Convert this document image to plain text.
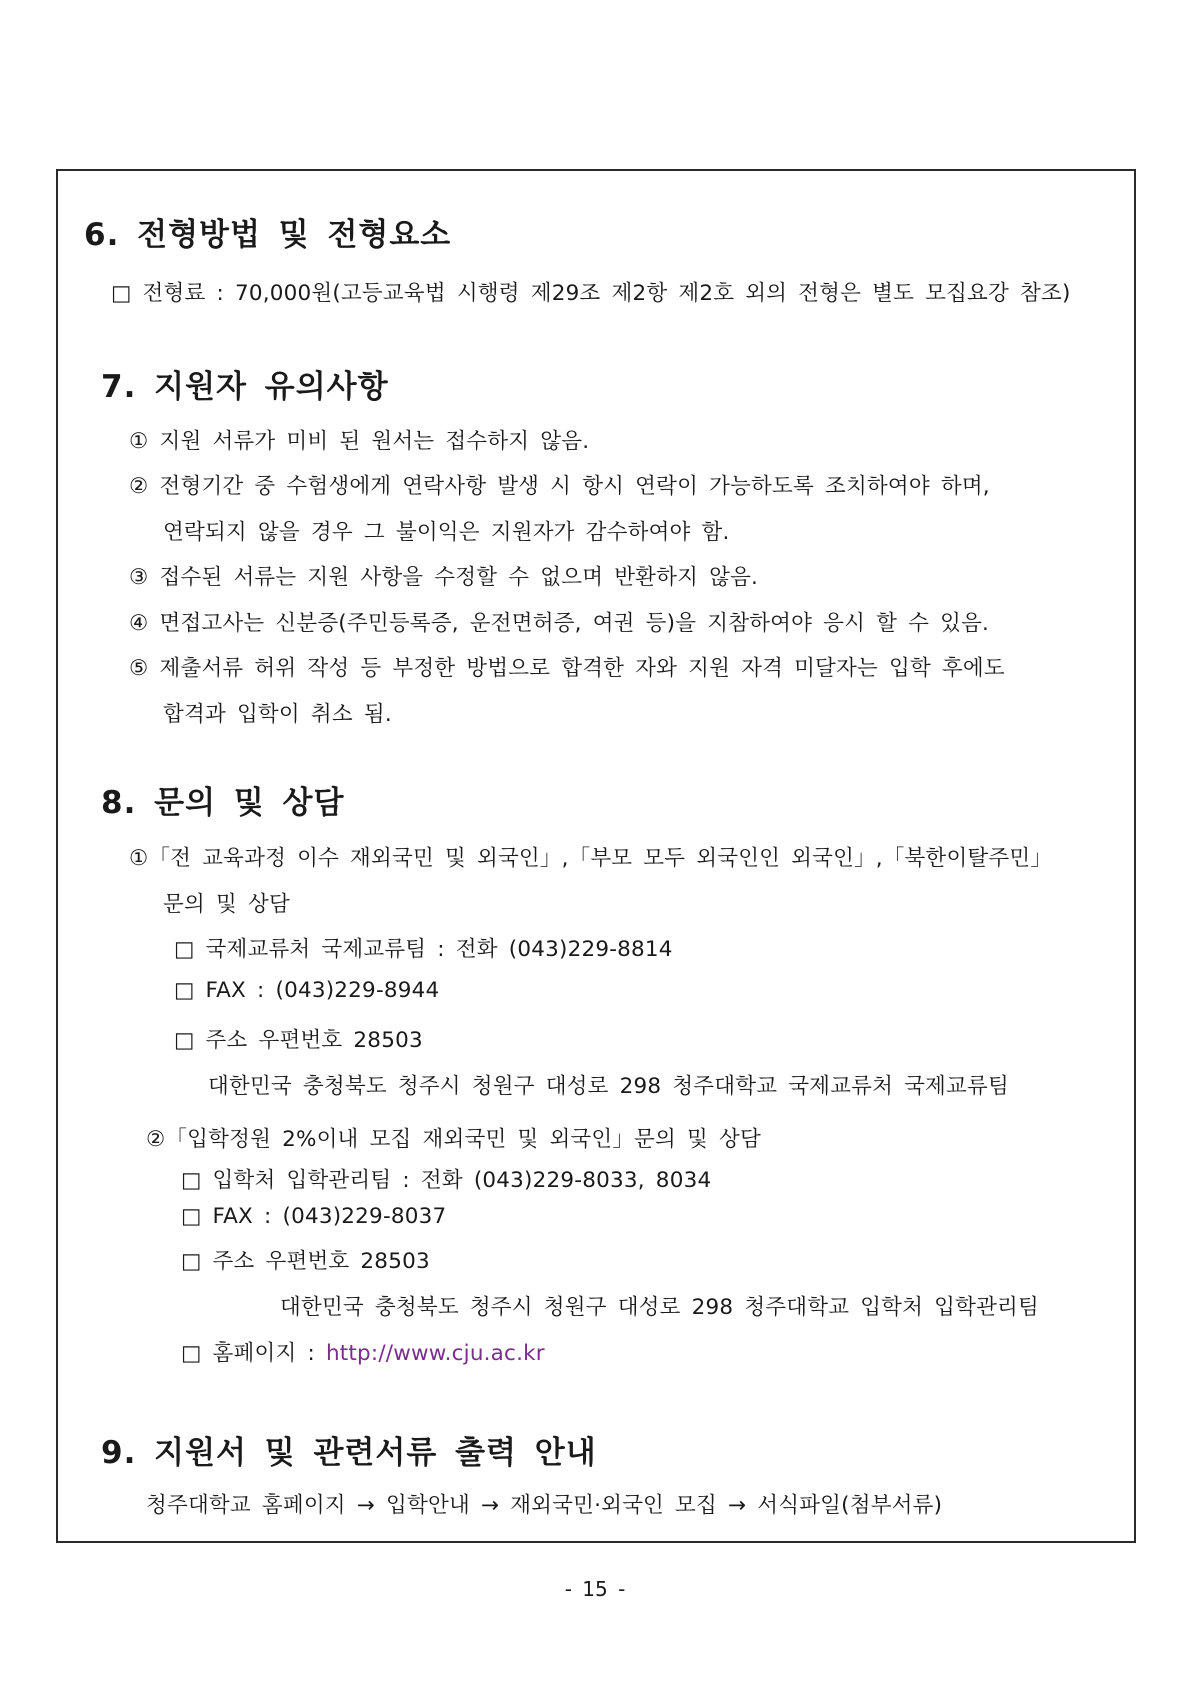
6. 전형방법 및 전형요소
□ 전형료 : 70,000원(고등교육법 시행령 제29조 제2항 제2호 외의 전형은 별도 모집요강 참조)
7. 지원자 유의사항
① 지원 서류가 미비 된 원서는 접수하지 않음.
② 전형기간 중 수험생에게 연락사항 발생 시 항시 연락이 가능하도록 조치하여야 하며,
연락되지 않을 경우 그 불이익은 지원자가 감수하여야 함.
③ 접수된 서류는 지원 사항을 수정할 수 없으며 반환하지 않음.
④ 면접고사는 신분증(주민등록증, 운전면허증, 여권 등)을 지참하여야 응시 할 수 있음.
⑤ 제출서류 허위 작성 등 부정한 방법으로 합격한 자와 지원 자격 미달자는 입학 후에도
합격과 입학이 취소 됨.
8. 문의 및 상담
①「전 교육과정 이수 재외국민 및 외국인」,「부모 모두 외국인인 외국인」,「북한이탈주민」
문의 및 상담
□ 국제교류처 국제교류팀 : 전화 (043)229-8814
□ FAX : (043)229-8944
□ 주소 우편번호 28503
대한민국 충청북도 청주시 청원구 대성로 298 청주대학교 국제교류처 국제교류팀
②「입학정원 2%이내 모집 재외국민 및 외국인」문의 및 상담
□ 입학처 입학관리팀 : 전화 (043)229-8033, 8034
□ FAX : (043)229-8037
□ 주소 우편번호 28503
대한민국 충청북도 청주시 청원구 대성로 298 청주대학교 입학처 입학관리팀
□ 홈페이지 : http://www.cju.ac.kr
9. 지원서 및 관련서류 출력 안내
청주대학교 홈페이지 → 입학안내 → 재외국민·외국인 모집 → 서식파일(첨부서류)
- 15 -
